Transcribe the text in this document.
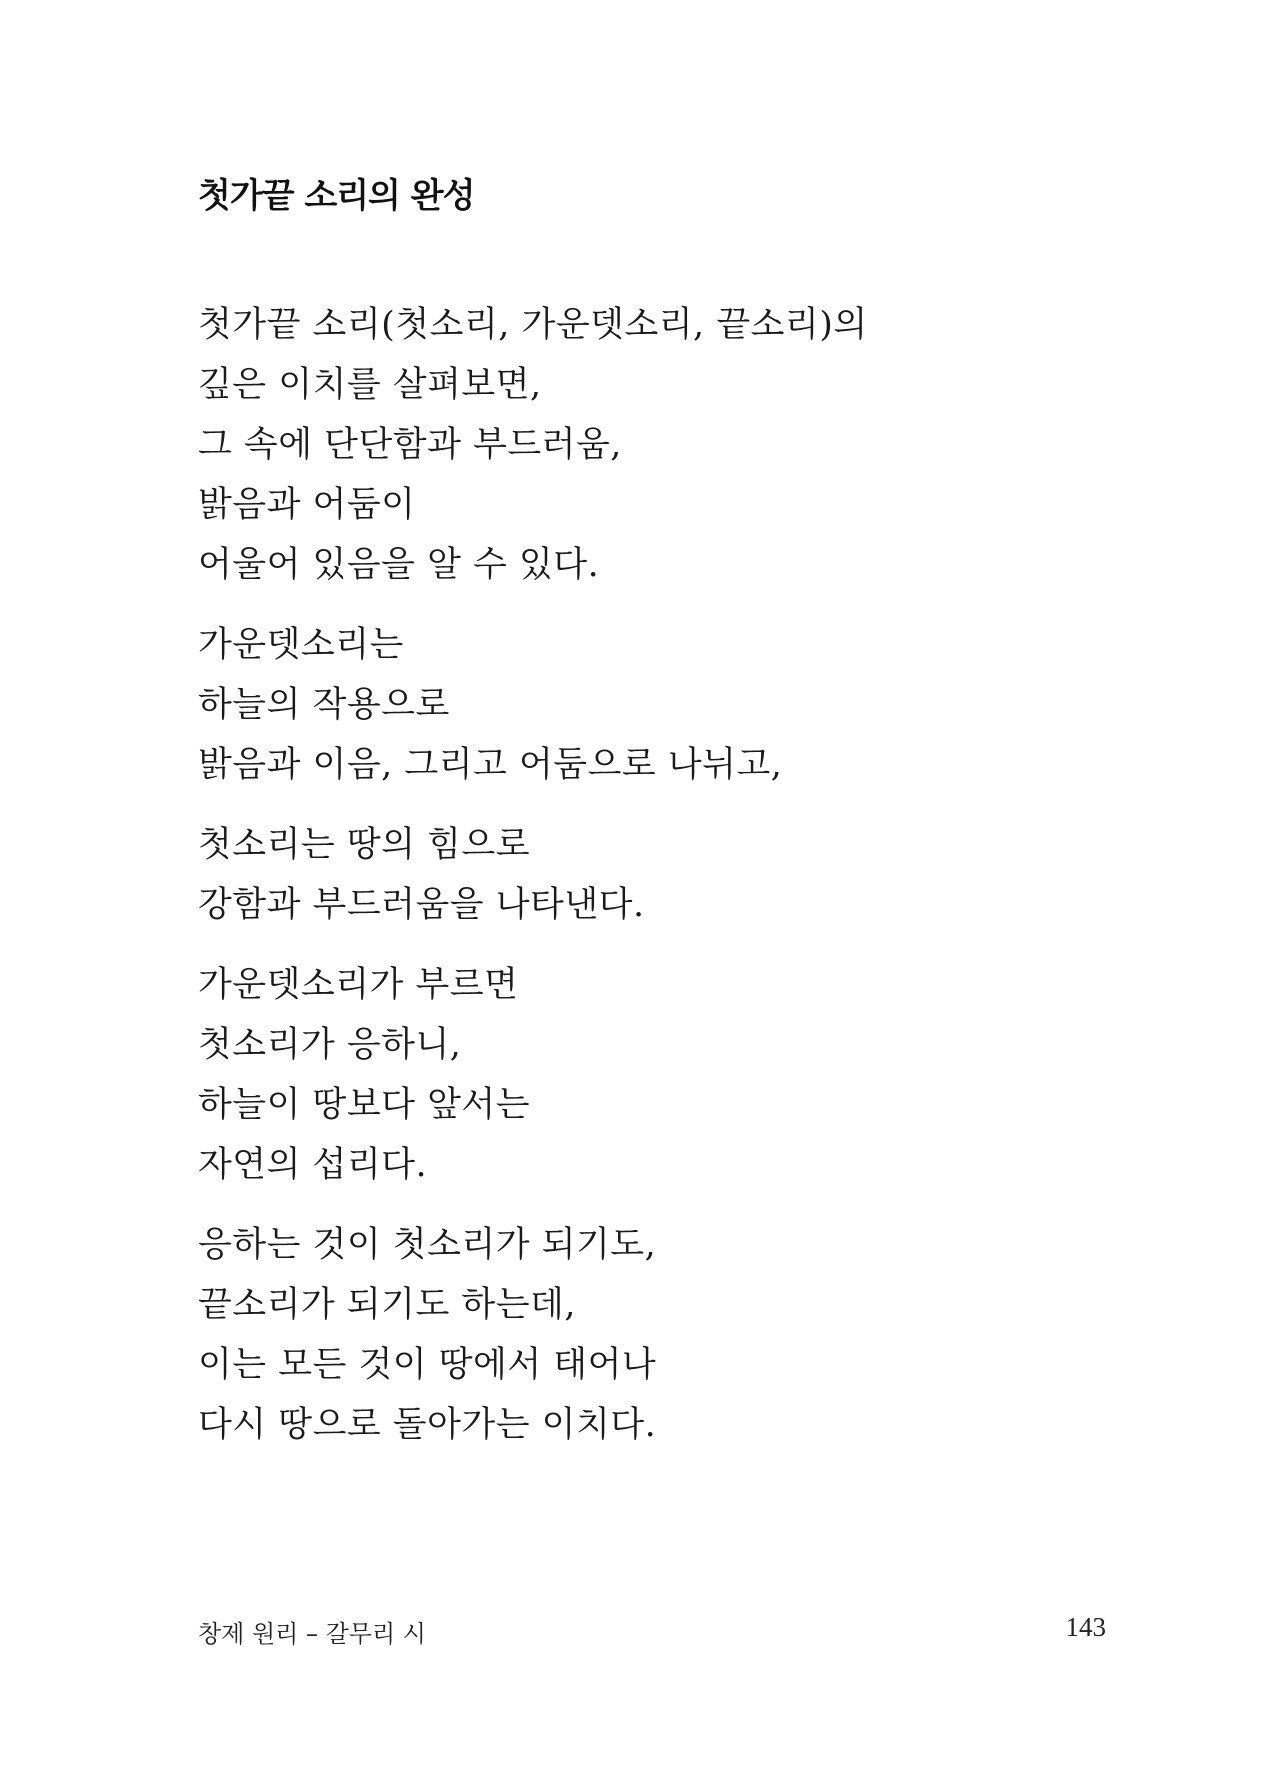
첫가끝 소리의 완성
첫가끝 소리(첫소리, 가운뎃소리, 끝소리)의
깊은 이치를 살펴보면,
그 속에 단단함과 부드러움,
밝음과 어둠이
어울어 있음을 알 수 있다.
가운뎃소리는
하늘의 작용으로
밝음과 이음, 그리고 어둠으로 나뉘고,
첫소리는 땅의 힘으로
강함과 부드러움을 나타낸다.
가운뎃소리가 부르면
첫소리가 응하니,
하늘이 땅보다 앞서는
자연의 섭리다.
응하는 것이 첫소리가 되기도,
끝소리가 되기도 하는데,
이는 모든 것이 땅에서 태어나
다시 땅으로 돌아가는 이치다.
창제 원리 – 갈무리 시	143
